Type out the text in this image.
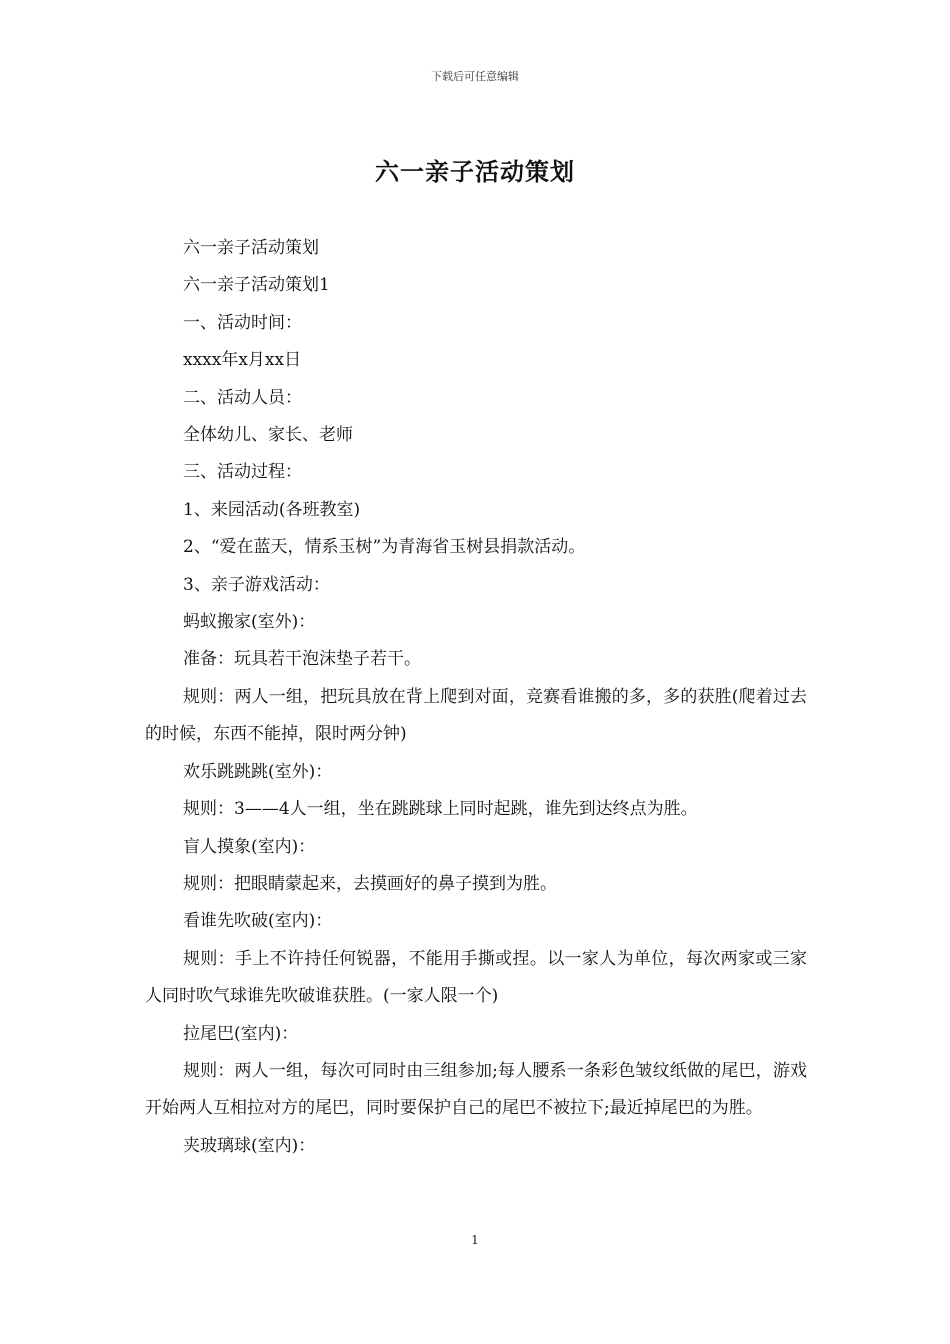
下载后可任意编辑
六一亲子活动策划

六一亲子活动策划

六一亲子活动策划1

一、活动时间：

xxxx年x月xx日

二、活动人员：

全体幼儿、家长、老师

三、活动过程：

1、来园活动(各班教室)

2、“爱在蓝天，情系玉树”为青海省玉树县捐款活动。

3、亲子游戏活动：

蚂蚁搬家(室外)：

准备：玩具若干泡沫垫子若干。

规则：两人一组，把玩具放在背上爬到对面，竞赛看谁搬的多，多的获胜(爬着过去的时候，东西不能掉，限时两分钟)

欢乐跳跳跳(室外)：

规则：3——4人一组，坐在跳跳球上同时起跳，谁先到达终点为胜。

盲人摸象(室内)：

规则：把眼睛蒙起来，去摸画好的鼻子摸到为胜。

看谁先吹破(室内)：

规则：手上不许持任何锐器，不能用手撕或捏。以一家人为单位，每次两家或三家人同时吹气球谁先吹破谁获胜。(一家人限一个)

拉尾巴(室内)：

规则：两人一组，每次可同时由三组参加;每人腰系一条彩色皱纹纸做的尾巴，游戏开始两人互相拉对方的尾巴，同时要保护自己的尾巴不被拉下;最近掉尾巴的为胜。

夹玻璃球(室内)：

1
